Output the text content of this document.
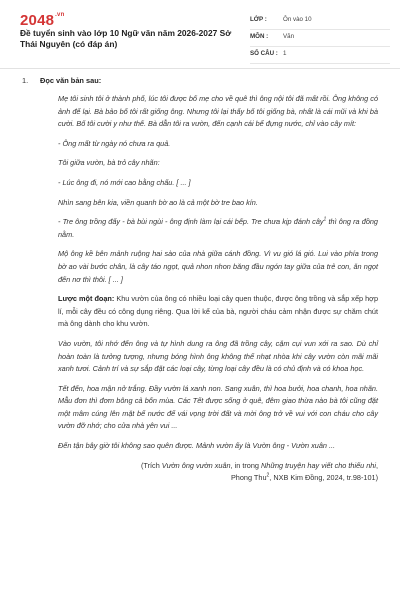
$2048^{.vn}$
Đề tuyển sinh vào lớp 10 Ngữ văn năm 2026-2027 Sở Thái Nguyên (có đáp án)
LỚP :	Ôn vào 10
MÔN : Văn
SỐ CÂU : 1
1. Đọc văn bản sau:

Mẹ tôi sinh tôi ở thành phố, lúc tôi được bố mẹ cho về quê thì ông nội tôi đã mất rồi. Ông không có ảnh để lại. Bà bảo bố tôi rất giống ông. Nhưng tôi lại thấy bố tôi giống bà, nhất là cái mũi và khi bà cười. Bố tôi cười y như thế. Bà dẫn tôi ra vườn, đến cạnh cái bể đựng nước, chỉ vào cây mít:

- Ông mất từ ngày nó chưa ra quả.

Tôi giữa vườn, bà trỏ cây nhãn:

- Lúc ông đi, nó mới cao bằng chấu. [ ... ]

Nhìn sang bên kia, viền quanh bờ ao là cả một bờ tre bao kín.

- Tre ông trồng đấy - bà bùi ngùi - ông định làm lại cái bếp. Tre chưa kịp đánh cây$^1$ thì ông ra đồng nằm.

Mộ ông kề bên mảnh ruộng hai sào của nhà giữa cánh đồng. Vì vu gió lá gió. Lui vào phía trong bờ ao vài bước chân, là cây táo ngọt, quả nhon nhon băng đầu ngón tay giữa của trẻ con, ăn ngọt đến nơ thì thôi. [ ... ]

Lược một đoạn: Khu vườn của ông có nhiều loại cây quen thuộc, được ông trồng và sắp xếp hợp lí, mỗi cây đều có công dụng riêng. Qua lời kể của bà, người cháu cảm nhận được sự chăm chút mà ông dành cho khu vườn.

Vào vườn, tôi nhớ đến ông và tự hình dung ra ông đã trồng cây, cặm cụi vun xới ra sao. Dù chỉ hoàn toàn là tưởng tượng, nhưng bóng hình ông không thể nhạt nhòa khi cây vườn còn mãi mãi xanh tươi. Cảnh trí và sự sắp đặt các loại cây, từng loại cây đều là có chủ định và có khoa học.

Tết đến, hoa mận nở trắng. Đầy vườn lá xanh non. Sang xuân, thì hoa bưởi, hoa chanh, hoa nhãn. Mẫu đơn thì đơm bông cả bốn mùa. Các Tết được sống ở quê, đêm giao thừa nào bà tôi cũng đặt một mâm cúng lên mặt bể nước để vái vọng trời đất và mời ông trở về vui với con cháu cho cây vườn đỡ nhớ; cho cửa nhà yên vui ...

Đến tận bây giờ tôi không sao quên được. Mảnh vườn ấy là Vườn ông - Vườn xuân ...

(Trích Vườn ông vườn xuân, in trong Những truyện hay viết cho thiếu nhi,
Phong Thu$^2$, NXB Kim Đồng, 2024, tr.98-101)
